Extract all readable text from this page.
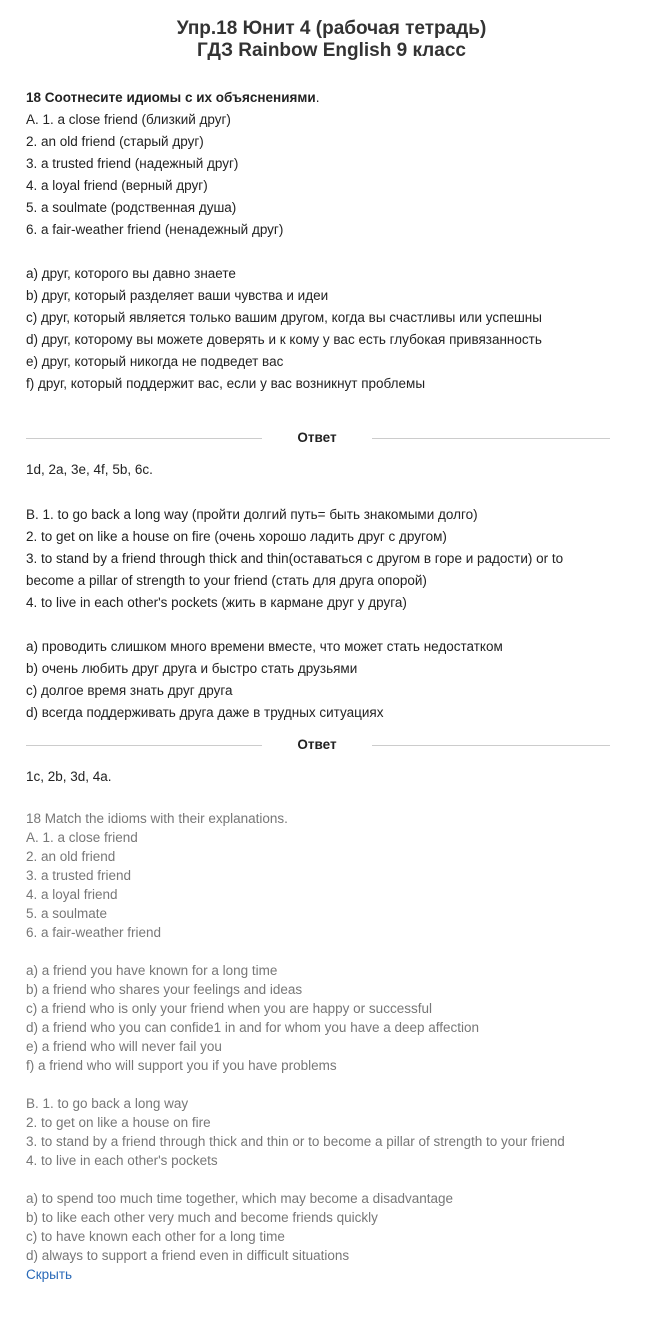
Упр.18 Юнит 4 (рабочая тетрадь)
ГДЗ Rainbow English 9 класс
18 Соотнесите идиомы с их объяснениями.
A. 1. a close friend (близкий друг)
2. an old friend (старый друг)
3. a trusted friend (надежный друг)
4. a loyal friend (верный друг)
5. a soulmate (родственная душа)
6. a fair-weather friend (ненадежный друг)
a) друг, которого вы давно знаете
b) друг, который разделяет ваши чувства и идеи
c) друг, который является только вашим другом, когда вы счастливы или успешны
d) друг, которому вы можете доверять и к кому у вас есть глубокая привязанность
e) друг, который никогда не подведет вас
f) друг, который поддержит вас, если у вас возникнут проблемы
Ответ
1d, 2a, 3e, 4f, 5b, 6c.
B. 1. to go back a long way (пройти долгий путь= быть знакомыми долго)
2. to get on like a house on fire (очень хорошо ладить друг с другом)
3. to stand by a friend through thick and thin(оставаться с другом в горе и радости) or to
become a pillar of strength to your friend (стать для друга опорой)
4. to live in each other's pockets (жить в кармане друг у друга)
a) проводить слишком много времени вместе, что может стать недостатком
b) очень любить друг друга и быстро стать друзьями
c) долгое время знать друг друга
d) всегда поддерживать друга даже в трудных ситуациях
Ответ
1c, 2b, 3d, 4a.
18 Match the idioms with their explanations.
A. 1. a close friend
2. an old friend
3. a trusted friend
4. a loyal friend
5. a soulmate
6. a fair-weather friend
a) a friend you have known for a long time
b) a friend who shares your feelings and ideas
c) a friend who is only your friend when you are happy or successful
d) a friend who you can confide1 in and for whom you have a deep affection
e) a friend who will never fail you
f) a friend who will support you if you have problems
B. 1. to go back a long way
2. to get on like a house on fire
3. to stand by a friend through thick and thin or to become a pillar of strength to your friend
4. to live in each other's pockets
a) to spend too much time together, which may become a disadvantage
b) to like each other very much and become friends quickly
c) to have known each other for a long time
d) always to support a friend even in difficult situations
Скрыть
